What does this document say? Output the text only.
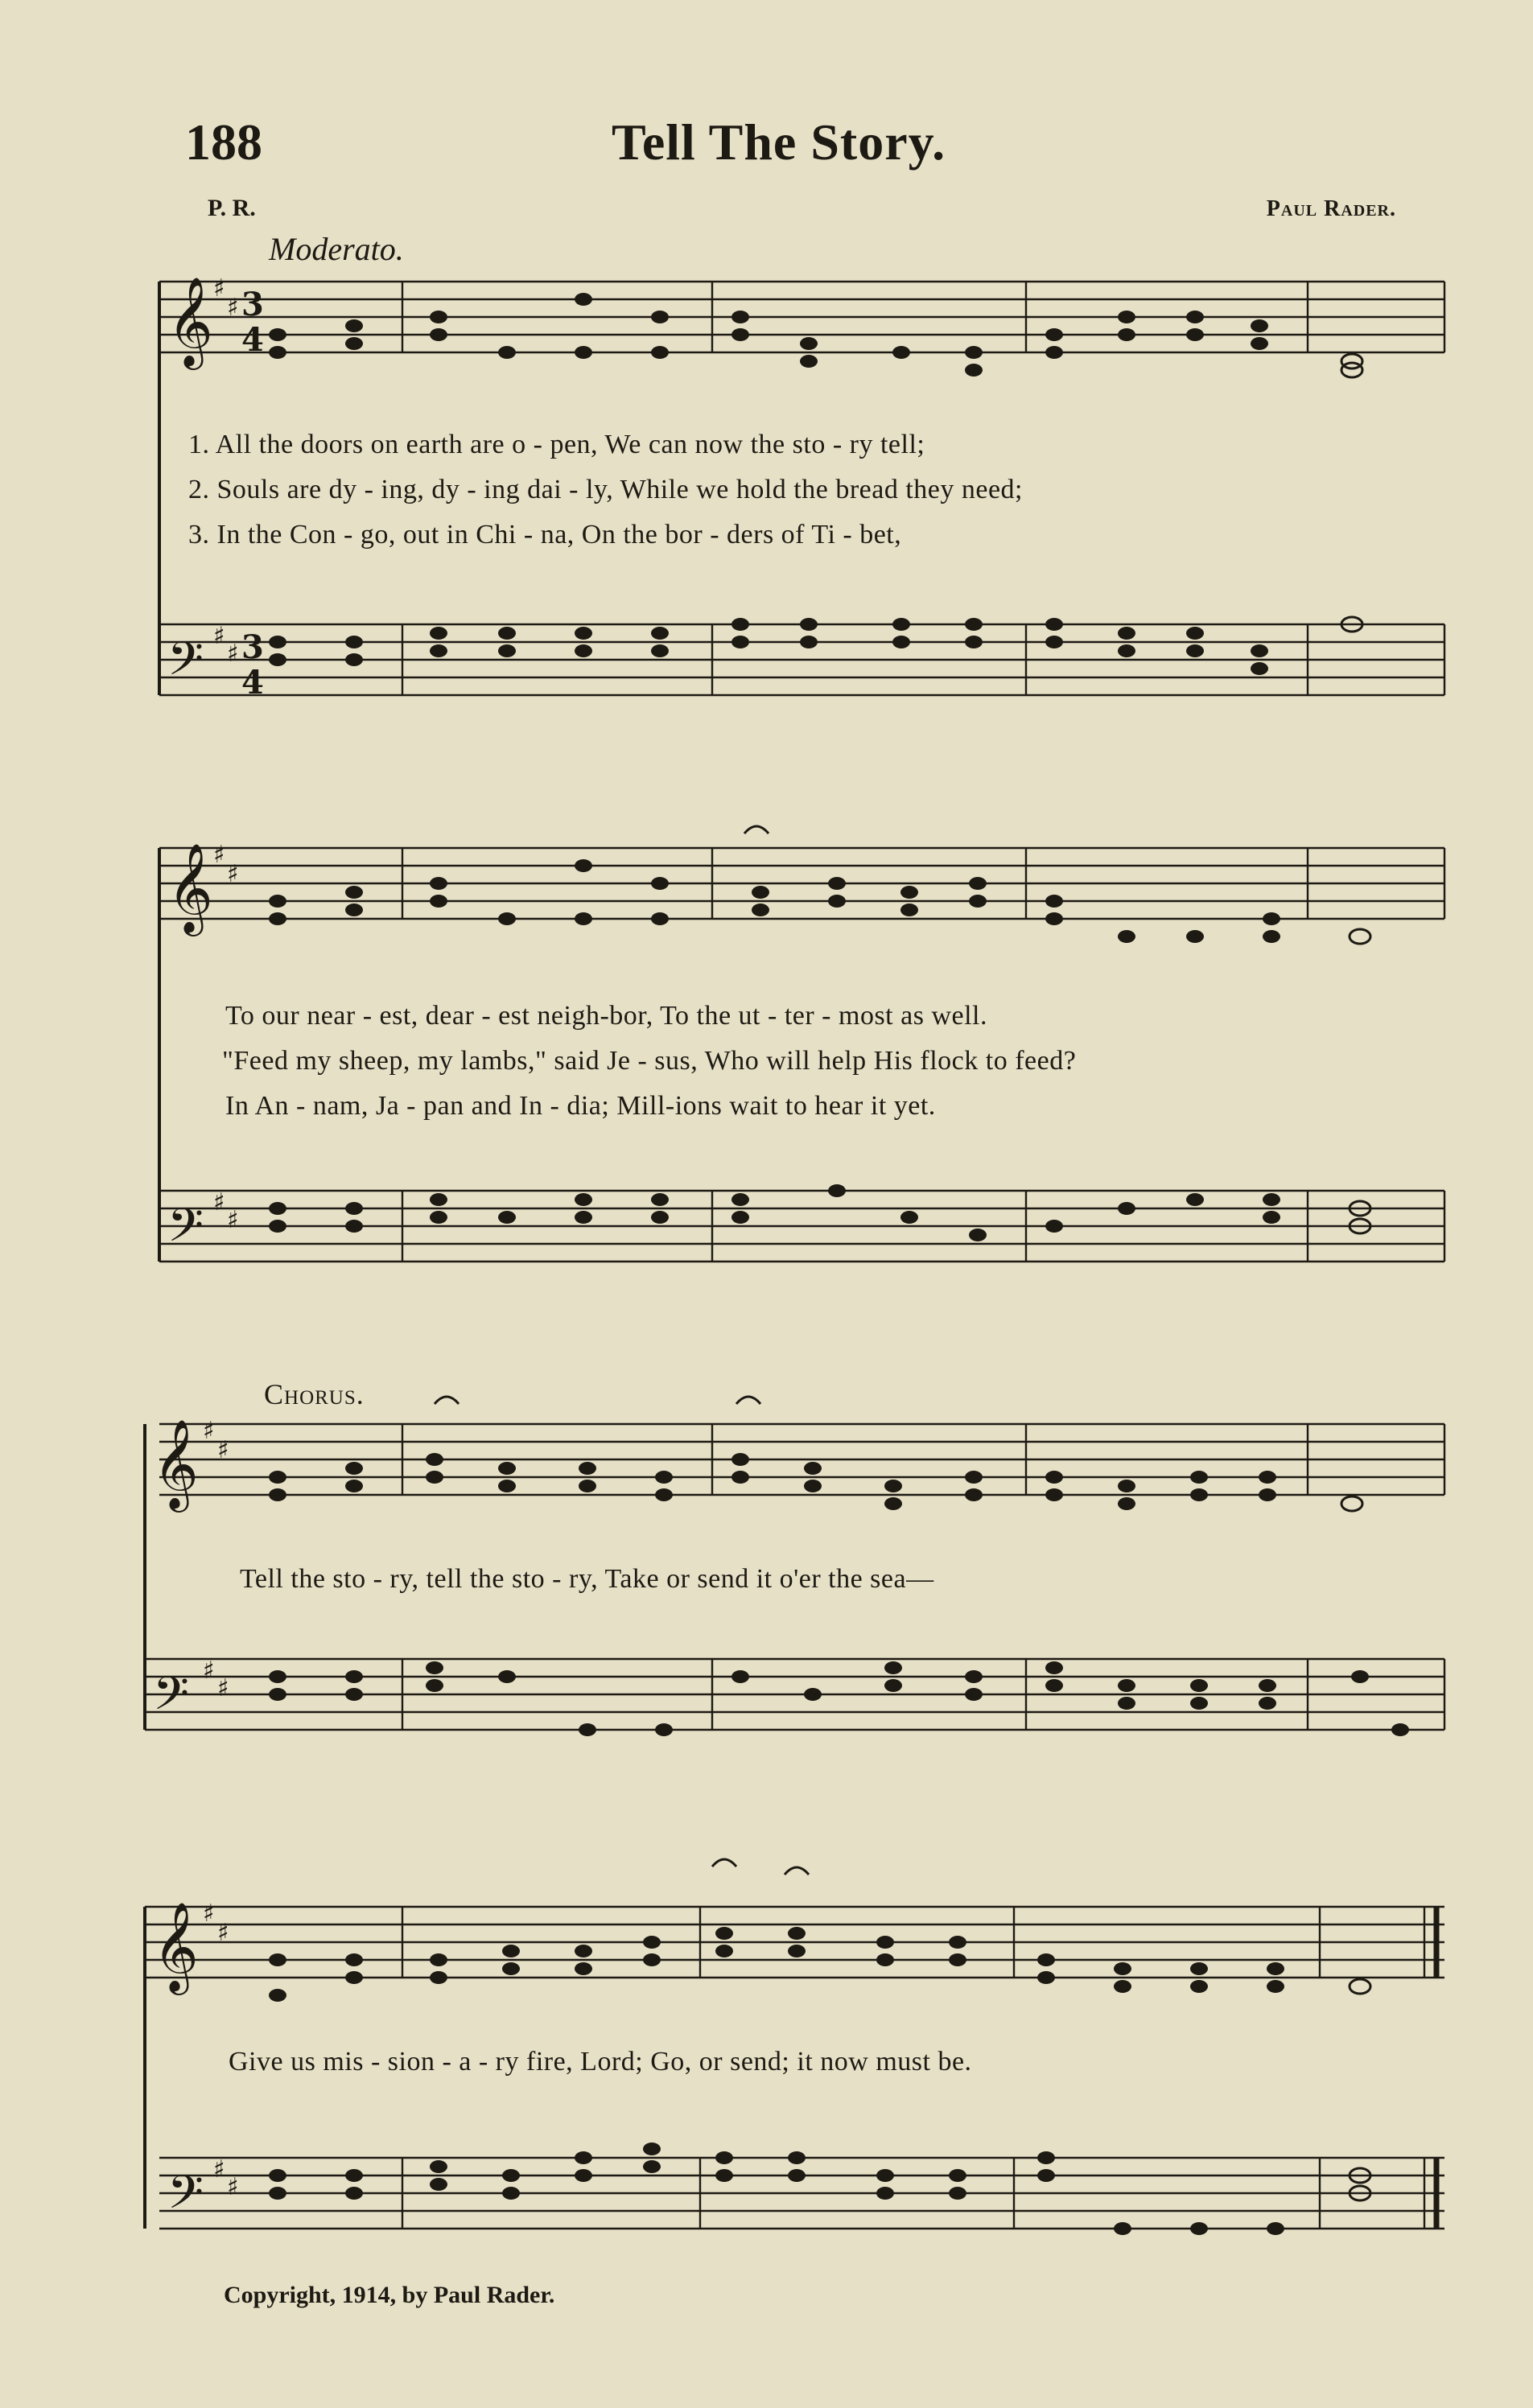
𝄞
𝄢
𝄞
𝄢
𝄞
𝄢
𝄞
𝄢
♯
♯
♯
♯
♯
♯
♯
♯
♯
♯
♯
♯
♯
♯
♯
♯
3
4
3
4
188	Tell The Story.
P. R.	Paul Rader.
Moderato.
1. All the doors on earth are o - pen, We can now the sto - ry tell;
2. Souls are dy - ing, dy - ing dai - ly, While we hold the bread they need;
3. In the Con - go, out in Chi - na, On the bor - ders of Ti - bet,
To our near - est, dear - est neigh-bor, To the ut - ter - most as well.
"Feed my sheep, my lambs," said Je - sus, Who will help His flock to feed?
In An - nam, Ja - pan and In - dia; Mill-ions wait to hear it yet.
Chorus.
Tell the sto - ry, tell the sto - ry, Take or send it o'er the sea—
Give us mis - sion - a - ry fire, Lord; Go, or send; it now must be.
Copyright, 1914, by Paul Rader.
